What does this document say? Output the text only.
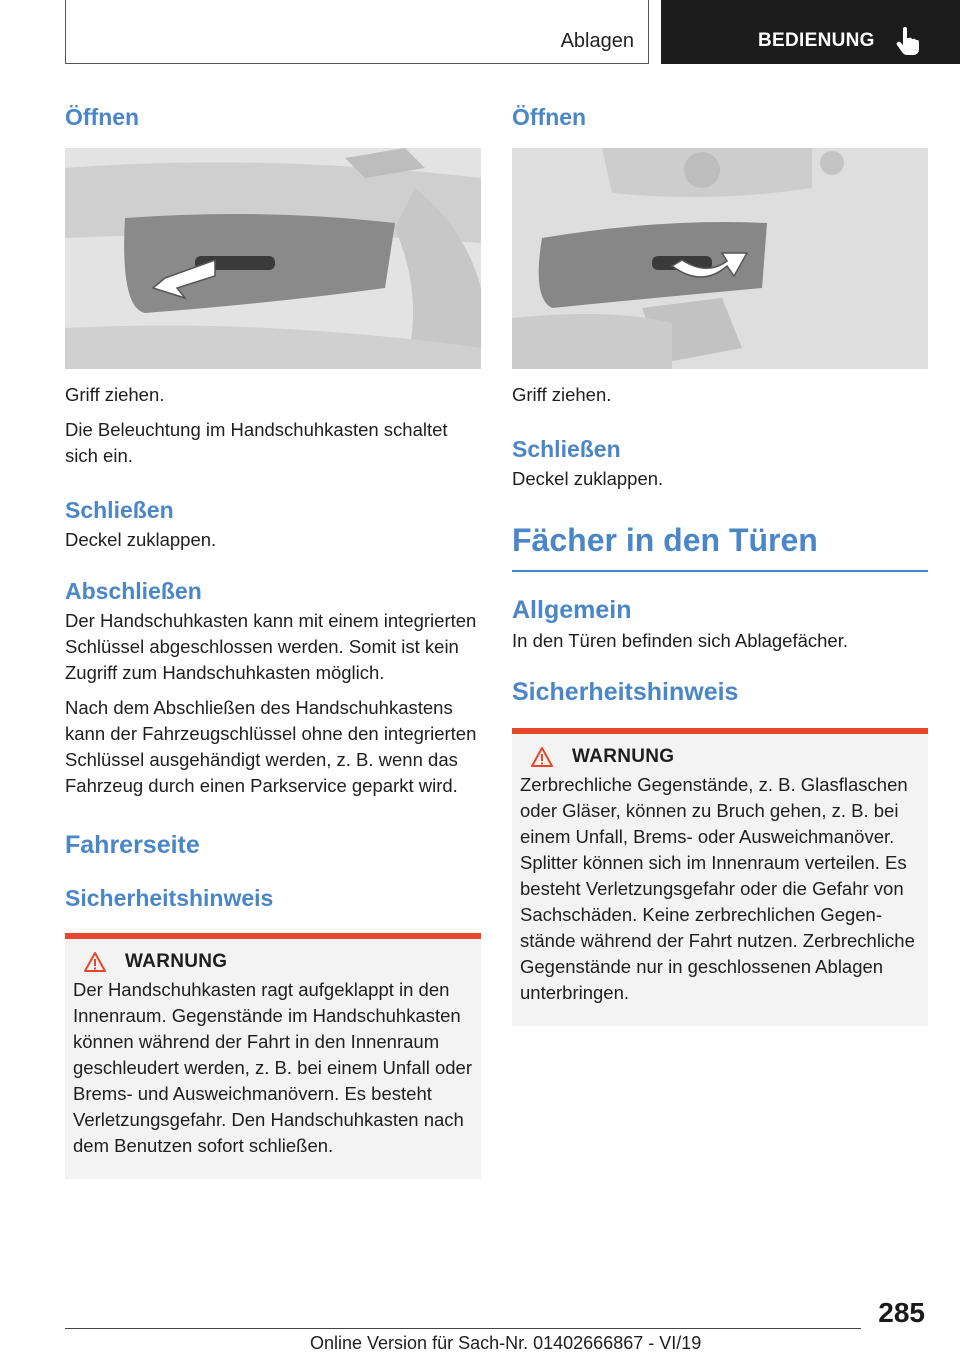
Ablagen	BEDIENUNG
Öffnen

Griff ziehen.

Die Beleuchtung im Handschuhkasten schaltet sich ein.

Schließen

Deckel zuklappen.

Abschließen

Der Handschuhkasten kann mit einem integrierten Schlüssel abgeschlossen werden. Somit ist kein Zugriff zum Handschuhkasten möglich.

Nach dem Abschließen des Handschuhkastens kann der Fahrzeugschlüssel ohne den integrierten Schlüssel ausgehändigt werden, z. B. wenn das Fahrzeug durch einen Parkservice geparkt wird.

Fahrerseite
Sicherheitshinweis
WARNUNG

Der Handschuhkasten ragt aufgeklappt in den Innenraum. Gegenstände im Handschuhkasten können während der Fahrt in den Innenraum geschleudert werden, z. B. bei einem Unfall oder Brems- und Ausweichmanövern. Es besteht Verletzungsgefahr. Den Handschuhkasten nach dem Benutzen sofort schließen.

Öffnen

Griff ziehen.

Schließen

Deckel zuklappen.

Fächer in den Türen
Allgemein

In den Türen befinden sich Ablagefächer.

Sicherheitshinweis
WARNUNG

Zerbrechliche Gegenstände, z. B. Glasflaschen oder Gläser, können zu Bruch gehen, z. B. bei einem Unfall, Brems- oder Ausweichmanöver. Splitter können sich im Innenraum verteilen. Es besteht Verletzungsgefahr oder die Gefahr von Sachschäden. Keine zerbrechlichen Gegenstände während der Fahrt nutzen. Zerbrechliche Gegenstände nur in geschlossenen Ablagen unterbringen.

285
Online Version für Sach-Nr. 01402666867 - VI/19
